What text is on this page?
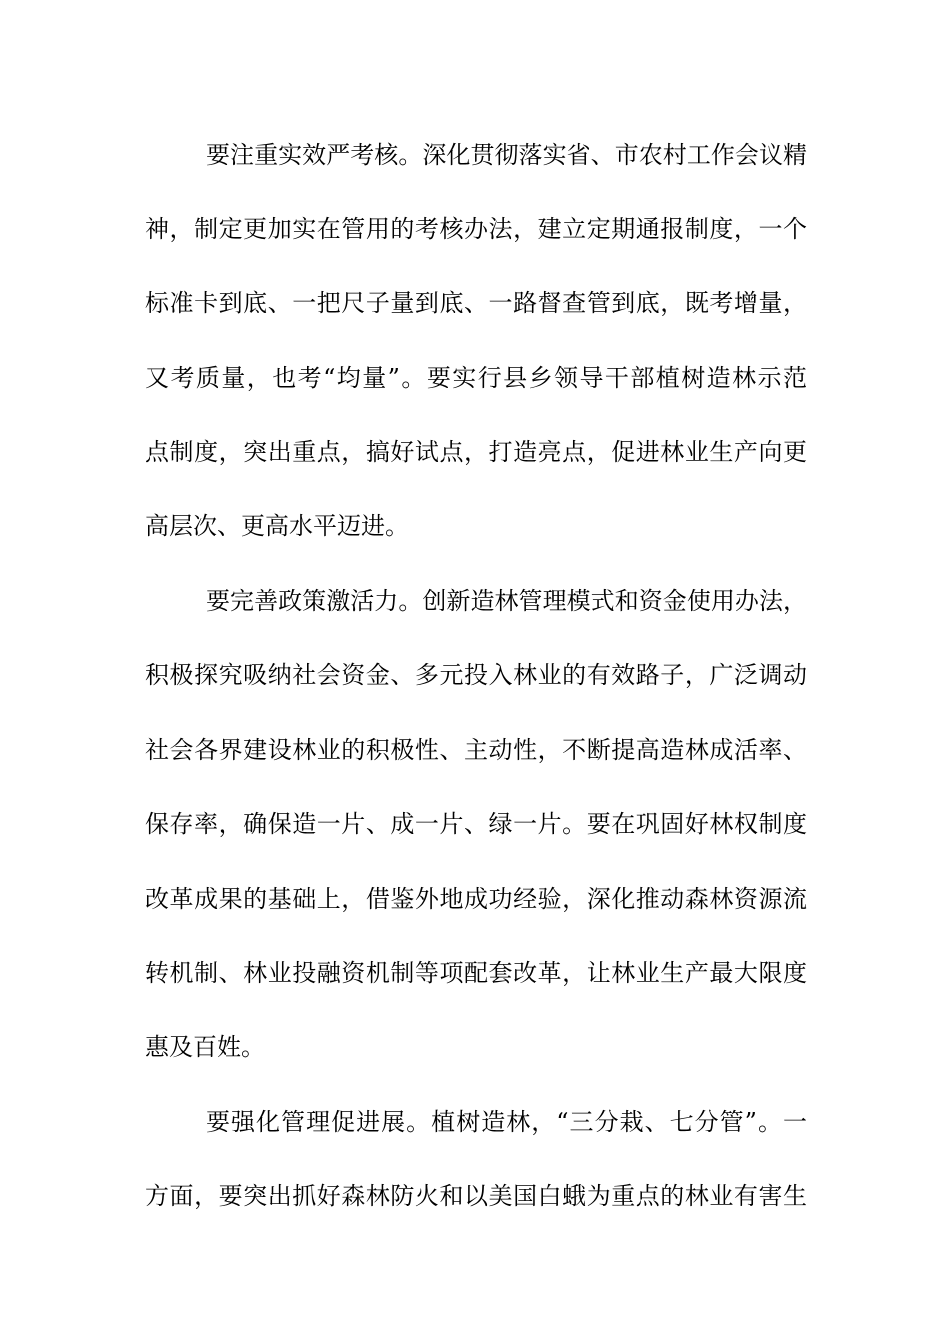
要注重实效严考核。深化贯彻落实省、市农村工作会议精
神，制定更加实在管用的考核办法，建立定期通报制度，一个
标准卡到底、一把尺子量到底、一路督查管到底，既考增量，
又考质量，也考“均量”。要实行县乡领导干部植树造林示范
点制度，突出重点，搞好试点，打造亮点，促进林业生产向更
高层次、更高水平迈进。
要完善政策激活力。创新造林管理模式和资金使用办法，
积极探究吸纳社会资金、多元投入林业的有效路子，广泛调动
社会各界建设林业的积极性、主动性，不断提高造林成活率、
保存率，确保造一片、成一片、绿一片。要在巩固好林权制度
改革成果的基础上，借鉴外地成功经验，深化推动森林资源流
转机制、林业投融资机制等项配套改革，让林业生产最大限度
惠及百姓。
要强化管理促进展。植树造林，“三分栽、七分管”。一
方面，要突出抓好森林防火和以美国白蛾为重点的林业有害生
